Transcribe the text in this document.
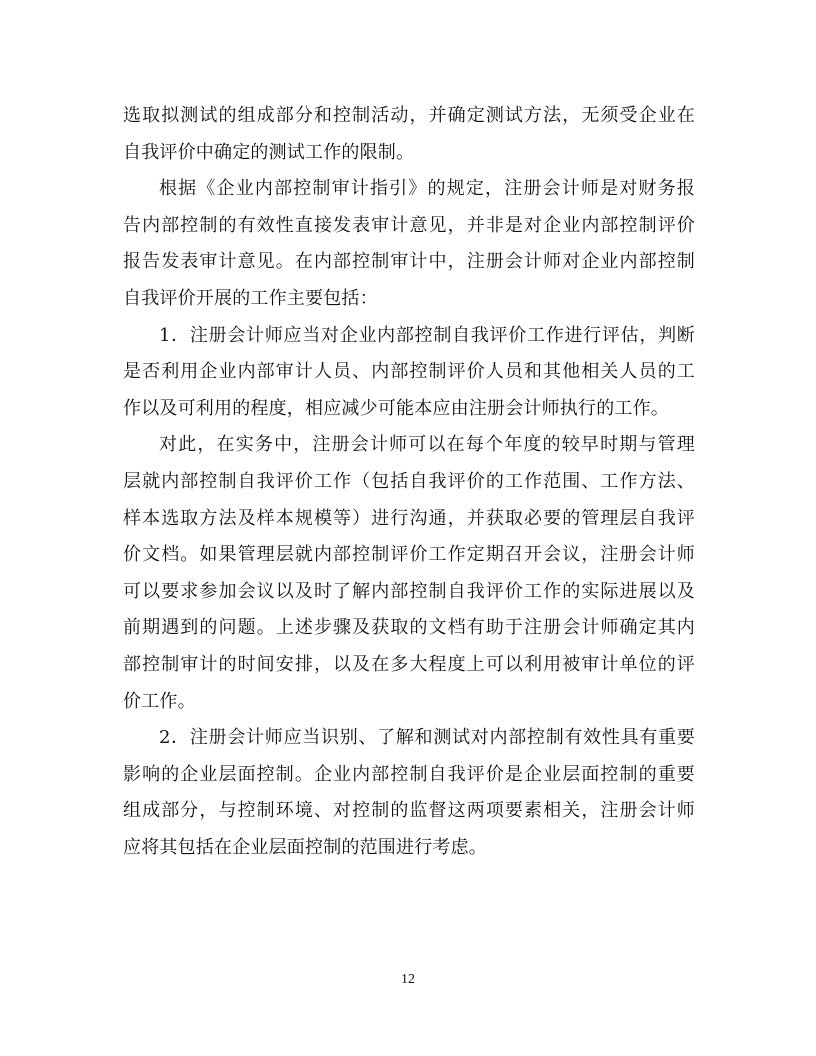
选取拟测试的组成部分和控制活动，并确定测试方法，无须受企业在
自我评价中确定的测试工作的限制。
根据《企业内部控制审计指引》的规定，注册会计师是对财务报
告内部控制的有效性直接发表审计意见，并非是对企业内部控制评价
报告发表审计意见。在内部控制审计中，注册会计师对企业内部控制
自我评价开展的工作主要包括：
1．注册会计师应当对企业内部控制自我评价工作进行评估，判断
是否利用企业内部审计人员、内部控制评价人员和其他相关人员的工
作以及可利用的程度，相应减少可能本应由注册会计师执行的工作。
对此，在实务中，注册会计师可以在每个年度的较早时期与管理
层就内部控制自我评价工作（包括自我评价的工作范围、工作方法、
样本选取方法及样本规模等）进行沟通，并获取必要的管理层自我评
价文档。如果管理层就内部控制评价工作定期召开会议，注册会计师
可以要求参加会议以及时了解内部控制自我评价工作的实际进展以及
前期遇到的问题。上述步骤及获取的文档有助于注册会计师确定其内
部控制审计的时间安排，以及在多大程度上可以利用被审计单位的评
价工作。
2．注册会计师应当识别、了解和测试对内部控制有效性具有重要
影响的企业层面控制。企业内部控制自我评价是企业层面控制的重要
组成部分，与控制环境、对控制的监督这两项要素相关，注册会计师
应将其包括在企业层面控制的范围进行考虑。
12
